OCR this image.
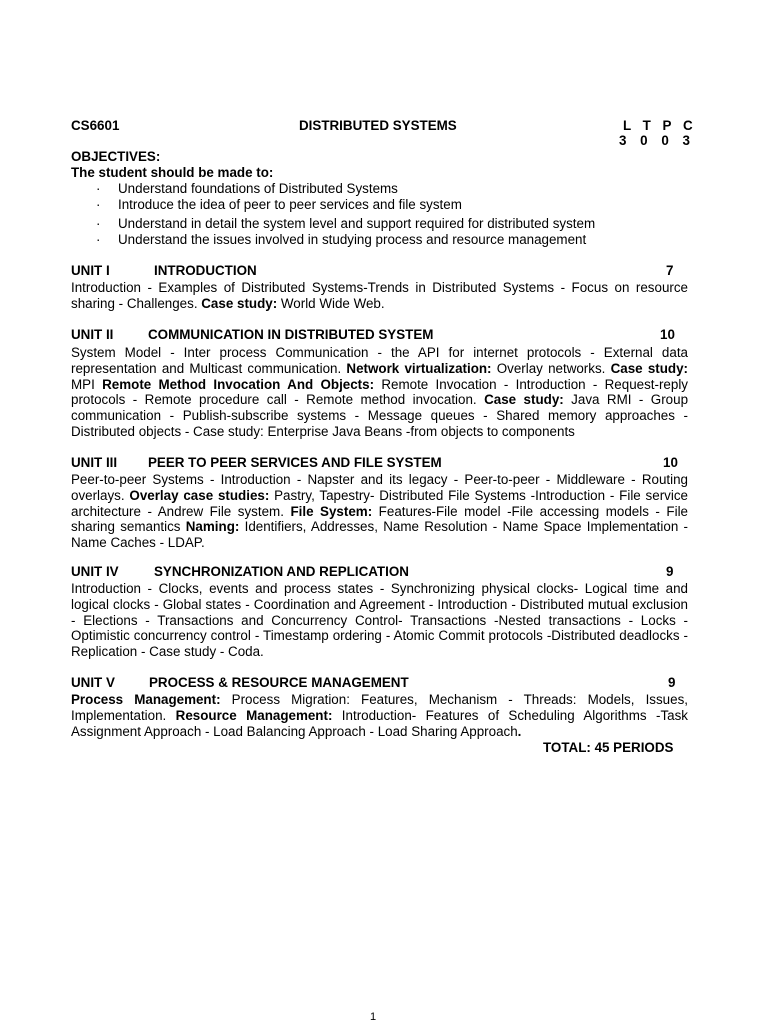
CS6601	DISTRIBUTED SYSTEMS	L T P C
3 0 0 3
OBJECTIVES:
The student should be made to:
· Understand foundations of Distributed Systems
· Introduce the idea of peer to peer services and file system
· Understand in detail the system level and support required for distributed system
· Understand the issues involved in studying process and resource management
UNIT I	INTRODUCTION	7
Introduction - Examples of Distributed Systems-Trends in Distributed Systems - Focus on resource sharing - Challenges. Case study: World Wide Web.
UNIT II	COMMUNICATION IN DISTRIBUTED SYSTEM	10
System Model - Inter process Communication - the API for internet protocols - External data representation and Multicast communication. Network virtualization: Overlay networks. Case study: MPI Remote Method Invocation And Objects: Remote Invocation - Introduction - Request-reply protocols - Remote procedure call - Remote method invocation. Case study: Java RMI - Group communication - Publish-subscribe systems - Message queues - Shared memory approaches - Distributed objects - Case study: Enterprise Java Beans -from objects to components
UNIT III PEER TO PEER SERVICES AND FILE SYSTEM	10
Peer-to-peer Systems - Introduction - Napster and its legacy - Peer-to-peer - Middleware - Routing overlays. Overlay case studies: Pastry, Tapestry- Distributed File Systems -Introduction - File service architecture - Andrew File system. File System: Features-File model -File accessing models - File sharing semantics Naming: Identifiers, Addresses, Name Resolution - Name Space Implementation - Name Caches - LDAP.
UNIT IV	SYNCHRONIZATION AND REPLICATION	9
Introduction - Clocks, events and process states - Synchronizing physical clocks- Logical time and logical clocks - Global states - Coordination and Agreement - Introduction - Distributed mutual exclusion - Elections - Transactions and Concurrency Control- Transactions -Nested transactions - Locks - Optimistic concurrency control - Timestamp ordering - Atomic Commit protocols -Distributed deadlocks - Replication - Case study - Coda.
UNIT V	PROCESS & RESOURCE MANAGEMENT	9
Process Management: Process Migration: Features, Mechanism - Threads: Models, Issues, Implementation. Resource Management: Introduction- Features of Scheduling Algorithms -Task Assignment Approach - Load Balancing Approach - Load Sharing Approach.
TOTAL: 45 PERIODS
1
